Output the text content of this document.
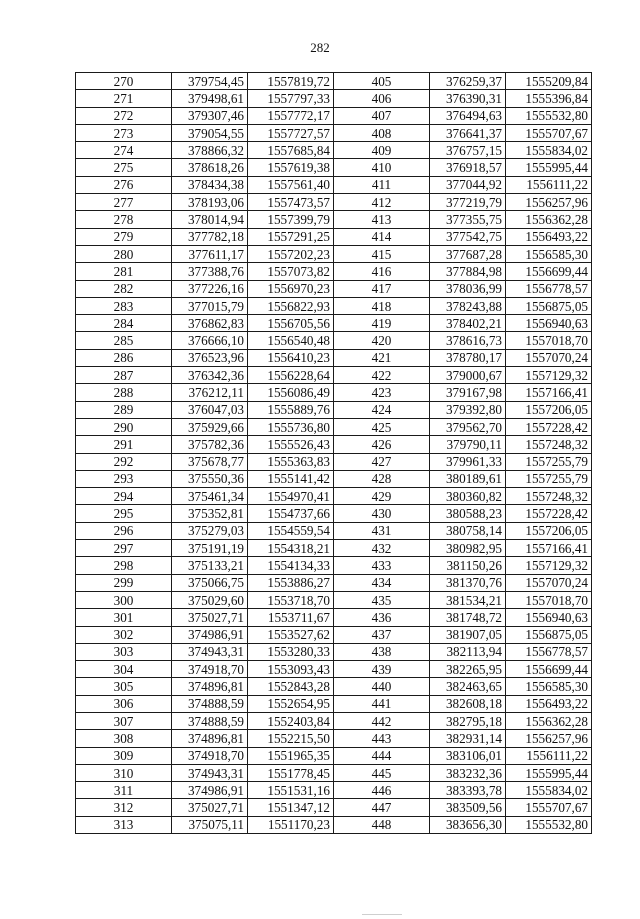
282
270	379754,45	1557819,72	405	376259,37	1555209,84
271	379498,61	1557797,33	406	376390,31	1555396,84
272	379307,46	1557772,17	407	376494,63	1555532,80
273	379054,55	1557727,57	408	376641,37	1555707,67
274	378866,32	1557685,84	409	376757,15	1555834,02
275	378618,26	1557619,38	410	376918,57	1555995,44
276	378434,38	1557561,40	411	377044,92	1556111,22
277	378193,06	1557473,57	412	377219,79	1556257,96
278	378014,94	1557399,79	413	377355,75	1556362,28
279	377782,18	1557291,25	414	377542,75	1556493,22
280	377611,17	1557202,23	415	377687,28	1556585,30
281	377388,76	1557073,82	416	377884,98	1556699,44
282	377226,16	1556970,23	417	378036,99	1556778,57
283	377015,79	1556822,93	418	378243,88	1556875,05
284	376862,83	1556705,56	419	378402,21	1556940,63
285	376666,10	1556540,48	420	378616,73	1557018,70
286	376523,96	1556410,23	421	378780,17	1557070,24
287	376342,36	1556228,64	422	379000,67	1557129,32
288	376212,11	1556086,49	423	379167,98	1557166,41
289	376047,03	1555889,76	424	379392,80	1557206,05
290	375929,66	1555736,80	425	379562,70	1557228,42
291	375782,36	1555526,43	426	379790,11	1557248,32
292	375678,77	1555363,83	427	379961,33	1557255,79
293	375550,36	1555141,42	428	380189,61	1557255,79
294	375461,34	1554970,41	429	380360,82	1557248,32
295	375352,81	1554737,66	430	380588,23	1557228,42
296	375279,03	1554559,54	431	380758,14	1557206,05
297	375191,19	1554318,21	432	380982,95	1557166,41
298	375133,21	1554134,33	433	381150,26	1557129,32
299	375066,75	1553886,27	434	381370,76	1557070,24
300	375029,60	1553718,70	435	381534,21	1557018,70
301	375027,71	1553711,67	436	381748,72	1556940,63
302	374986,91	1553527,62	437	381907,05	1556875,05
303	374943,31	1553280,33	438	382113,94	1556778,57
304	374918,70	1553093,43	439	382265,95	1556699,44
305	374896,81	1552843,28	440	382463,65	1556585,30
306	374888,59	1552654,95	441	382608,18	1556493,22
307	374888,59	1552403,84	442	382795,18	1556362,28
308	374896,81	1552215,50	443	382931,14	1556257,96
309	374918,70	1551965,35	444	383106,01	1556111,22
310	374943,31	1551778,45	445	383232,36	1555995,44
311	374986,91	1551531,16	446	383393,78	1555834,02
312	375027,71	1551347,12	447	383509,56	1555707,67
313	375075,11	1551170,23	448	383656,30	1555532,80
